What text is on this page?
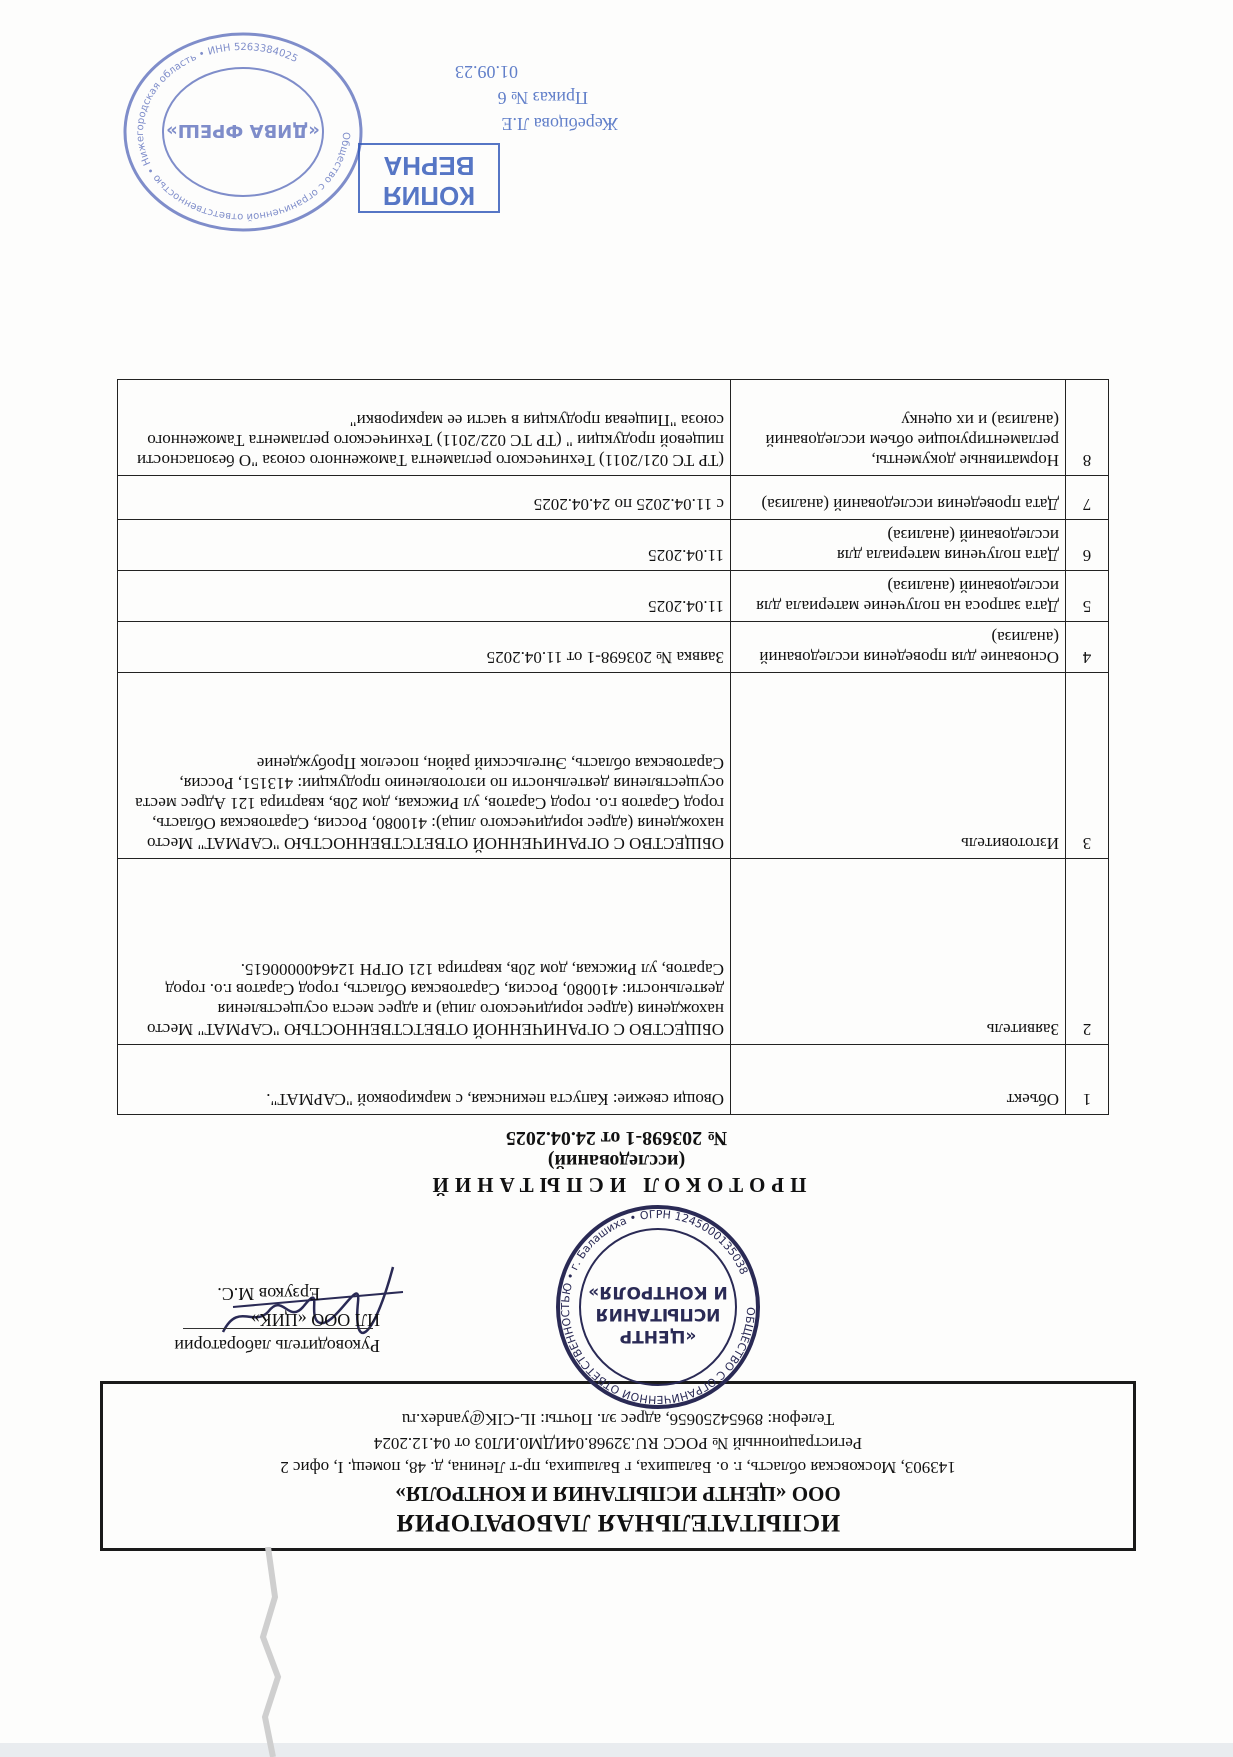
ИСПЫТАТЕЛЬНАЯ ЛАБОРАТОРИЯ
ООО «ЦЕНТР ИСПЫТАНИЯ И КОНТРОЛЯ»
143903, Московская область, г. о. Балашиха, г Балашиха, пр-т Ленина, д. 48, помещ. I, офис 2
Регистрационный № РОСС RU.32968.04ИДМ0.ИЛ03 от 04.12.2024
Телефон: 89654250656, адрес эл. Почты: IL-CIK@yandex.ru
ОБЩЕСТВО С ОГРАНИЧЕННОЙ ОТВЕТСТВЕННОСТЬЮ • г. Балашиха • ОГРН 1245000135038
«ЦЕНТР ИСПЫТАНИЯ И КОНТРОЛЯ»
Руководитель лаборатории
ИЛ ООО «ЦИК»
Ерзуков М.С.
ПРОТОКОЛ ИСПЫТАНИЙ
(исследований)
№ 203698-1 от 24.04.2025
1	Объект	Овощи свежие: Капуста пекинская, с маркировкой "САРМАТ".
2	Заявитель	ОБЩЕСТВО С ОГРАНИЧЕННОЙ ОТВЕТСТВЕННОСТЬЮ "САРМАТ" Место нахождения (адрес юридического лица) и адрес места осуществления деятельности: 410080, Россия, Саратовская Область, город Саратов г.о. город Саратов, ул Рижская, дом 20в, квартира 121 ОГРН 1246400000615.
3	Изготовитель	ОБЩЕСТВО С ОГРАНИЧЕННОЙ ОТВЕТСТВЕННОСТЬЮ "САРМАТ" Место нахождения (адрес юридического лица): 410080, Россия, Саратовская Область, город Саратов г.о. город Саратов, ул Рижская, дом 20в, квартира 121 Адрес места осуществления деятельности по изготовлению продукции: 413151, Россия, Саратовская область, Энгельсский район, поселок Пробуждение
4	Основание для проведения исследований (анализа)	Заявка № 203698-1 от 11.04.2025
5	Дата запроса на получение материала для исследований (анализа)	11.04.2025
6	Дата получения материала для исследований (анализа)	11.04.2025
7	Дата проведения исследований (анализа)	с 11.04.2025 по 24.04.2025
8	Нормативные документы, регламентирующие объем исследований (анализа) и их оценку	(ТР ТС 021/2011) Технического регламента Таможенного союза "О безопасности пищевой продукции " (ТР ТС 022/2011) Технического регламента Таможенного союза "Пищевая продукция в части ее маркировки"
Общество с ограниченной ответственностью • Нижегородская область • ИНН 5263384025
«ДИВА ФРЕШ»
КОПИЯ
ВЕРНА
Жеребцова Л.Е
Приказ № 6
01.09.23
